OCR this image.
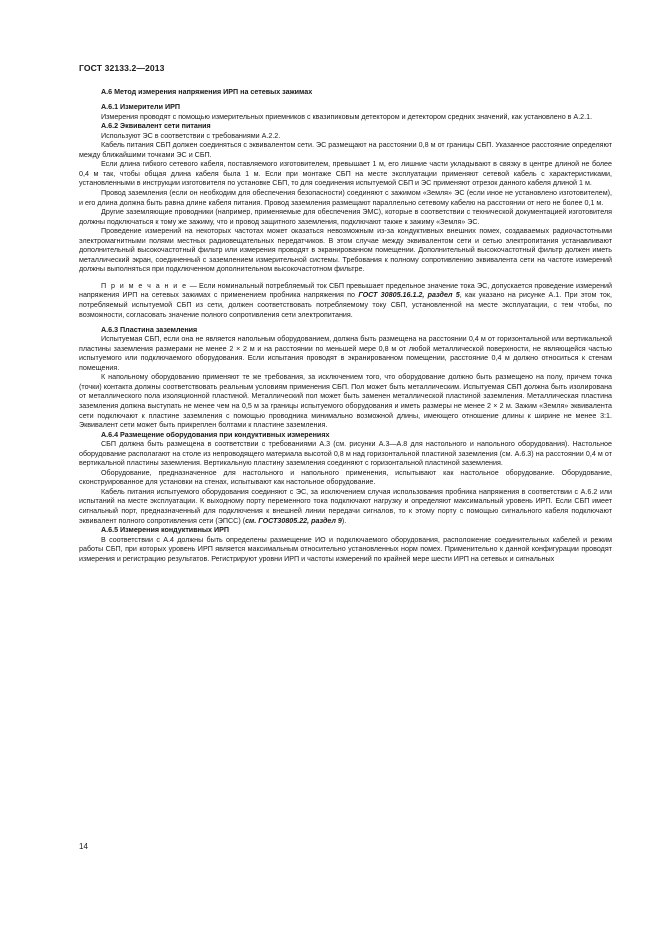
ГОСТ 32133.2—2013

А.6 Метод измерения напряжения ИРП на сетевых зажимах

А.6.1 Измерители ИРП

Измерения проводят с помощью измерительных приемников с квазипиковым детектором и детектором средних значений, как установлено в А.2.1.

А.6.2 Эквивалент сети питания

Используют ЭС в соответствии с требованиями А.2.2.

Кабель питания СБП должен соединяться с эквивалентом сети. ЭС размещают на расстоянии 0,8 м от границы СБП. Указанное расстояние определяют между ближайшими точками ЭС и СБП.

Если длина гибкого сетевого кабеля, поставляемого изготовителем, превышает 1 м, его лишние части укладывают в связку в центре длиной не более 0,4 м так, чтобы общая длина кабеля была 1 м. Если при монтаже СБП на месте эксплуатации применяют сетевой кабель с характеристиками, установленными в инструкции изготовителя по установке СБП, то для соединения испытуемой СБП и ЭС применяют отрезок данного кабеля длиной 1 м.

Провод заземления (если он необходим для обеспечения безопасности) соединяют с зажимом «Земля» ЭС (если иное не установлено изготовителем), и его длина должна быть равна длине кабеля питания. Провод заземления размещают параллельно сетевому кабелю на расстоянии от него не более 0,1 м.

Другие заземляющие проводники (например, применяемые для обеспечения ЭМС), которые в соответствии с технической документацией изготовителя должны подключаться к тому же зажиму, что и провод защитного заземления, подключают также к зажиму «Земля» ЭС.

Проведение измерений на некоторых частотах может оказаться невозможным из-за кондуктивных внешних помех, создаваемых радиочастотными электромагнитными полями местных радиовещательных передатчиков. В этом случае между эквивалентом сети и сетью электропитания устанавливают дополнительный высокочастотный фильтр или измерения проводят в экранированном помещении. Дополнительный высокочастотный фильтр должен иметь металлический экран, соединенный с заземлением измерительной системы. Требования к полному сопротивлению эквивалента сети на частоте измерений должны выполняться при подключенном дополнительном высокочастотном фильтре.

П р и м е ч а н и е — Если номинальный потребляемый ток СБП превышает предельное значение тока ЭС, допускается проведение измерений напряжения ИРП на сетевых зажимах с применением пробника напряжения по ГОСТ 30805.16.1.2, раздел 5, как указано на рисунке А.1. При этом ток, потребляемый испытуемой СБП из сети, должен соответствовать потребляемому току СБП, установленной на месте эксплуатации, с тем чтобы, по возможности, согласовать значение полного сопротивления сети электропитания.

А.6.3 Пластина заземления

Испытуемая СБП, если она не является напольным оборудованием, должна быть размещена на расстоянии 0,4 м от горизонтальной или вертикальной пластины заземления размерами не менее 2 × 2 м и на расстоянии по меньшей мере 0,8 м от любой металлической поверхности, не являющейся частью испытуемого или подключаемого оборудования. Если испытания проводят в экранированном помещении, расстояние 0,4 м должно относиться к стенам помещения.

К напольному оборудованию применяют те же требования, за исключением того, что оборудование должно быть размещено на полу, причем точка (точки) контакта должны соответствовать реальным условиям применения СБП. Пол может быть металлическим. Испытуемая СБП должна быть изолирована от металлического пола изоляционной пластиной. Металлический пол может быть заменен металлической пластиной заземления. Металлическая пластина заземления должна выступать не менее чем на 0,5 м за границы испытуемого оборудования и иметь размеры не менее 2 × 2 м. Зажим «Земля» эквивалента сети подключают к пластине заземления с помощью проводника минимально возможной длины, имеющего отношение длины к ширине не менее 3:1. Эквивалент сети может быть прикреплен болтами к пластине заземления.

А.6.4 Размещение оборудования при кондуктивных измерениях

СБП должна быть размещена в соответствии с требованиями А.3 (см. рисунки А.3—А.8 для настольного и напольного оборудования). Настольное оборудование располагают на столе из непроводящего материала высотой 0,8 м над горизонтальной пластиной заземления (см. А.6.3) на расстоянии 0,4 м от вертикальной пластины заземления. Вертикальную пластину заземления соединяют с горизонтальной пластиной заземления.

Оборудование, предназначенное для настольного и напольного применения, испытывают как настольное оборудование. Оборудование, сконструированное для установки на стенах, испытывают как настольное оборудование.

Кабель питания испытуемого оборудования соединяют с ЭС, за исключением случая использования пробника напряжения в соответствии с А.6.2 или испытаний на месте эксплуатации. К выходному порту переменного тока подключают нагрузку и определяют максимальный уровень ИРП. Если СБП имеет сигнальный порт, предназначенный для подключения к внешней линии передачи сигналов, то к этому порту с помощью сигнального кабеля подключают эквивалент полного сопротивления сети (ЭПСС) (см. ГОСТ30805.22, раздел 9).

А.6.5 Измерения кондуктивных ИРП

В соответствии с А.4 должны быть определены размещение ИО и подключаемого оборудования, расположение соединительных кабелей и режим работы СБП, при которых уровень ИРП является максимальным относительно установленных норм помех. Применительно к данной конфигурации проводят измерения и регистрацию результатов. Регистрируют уровни ИРП и частоты измерений по крайней мере шести ИРП на сетевых и сигнальных

14
